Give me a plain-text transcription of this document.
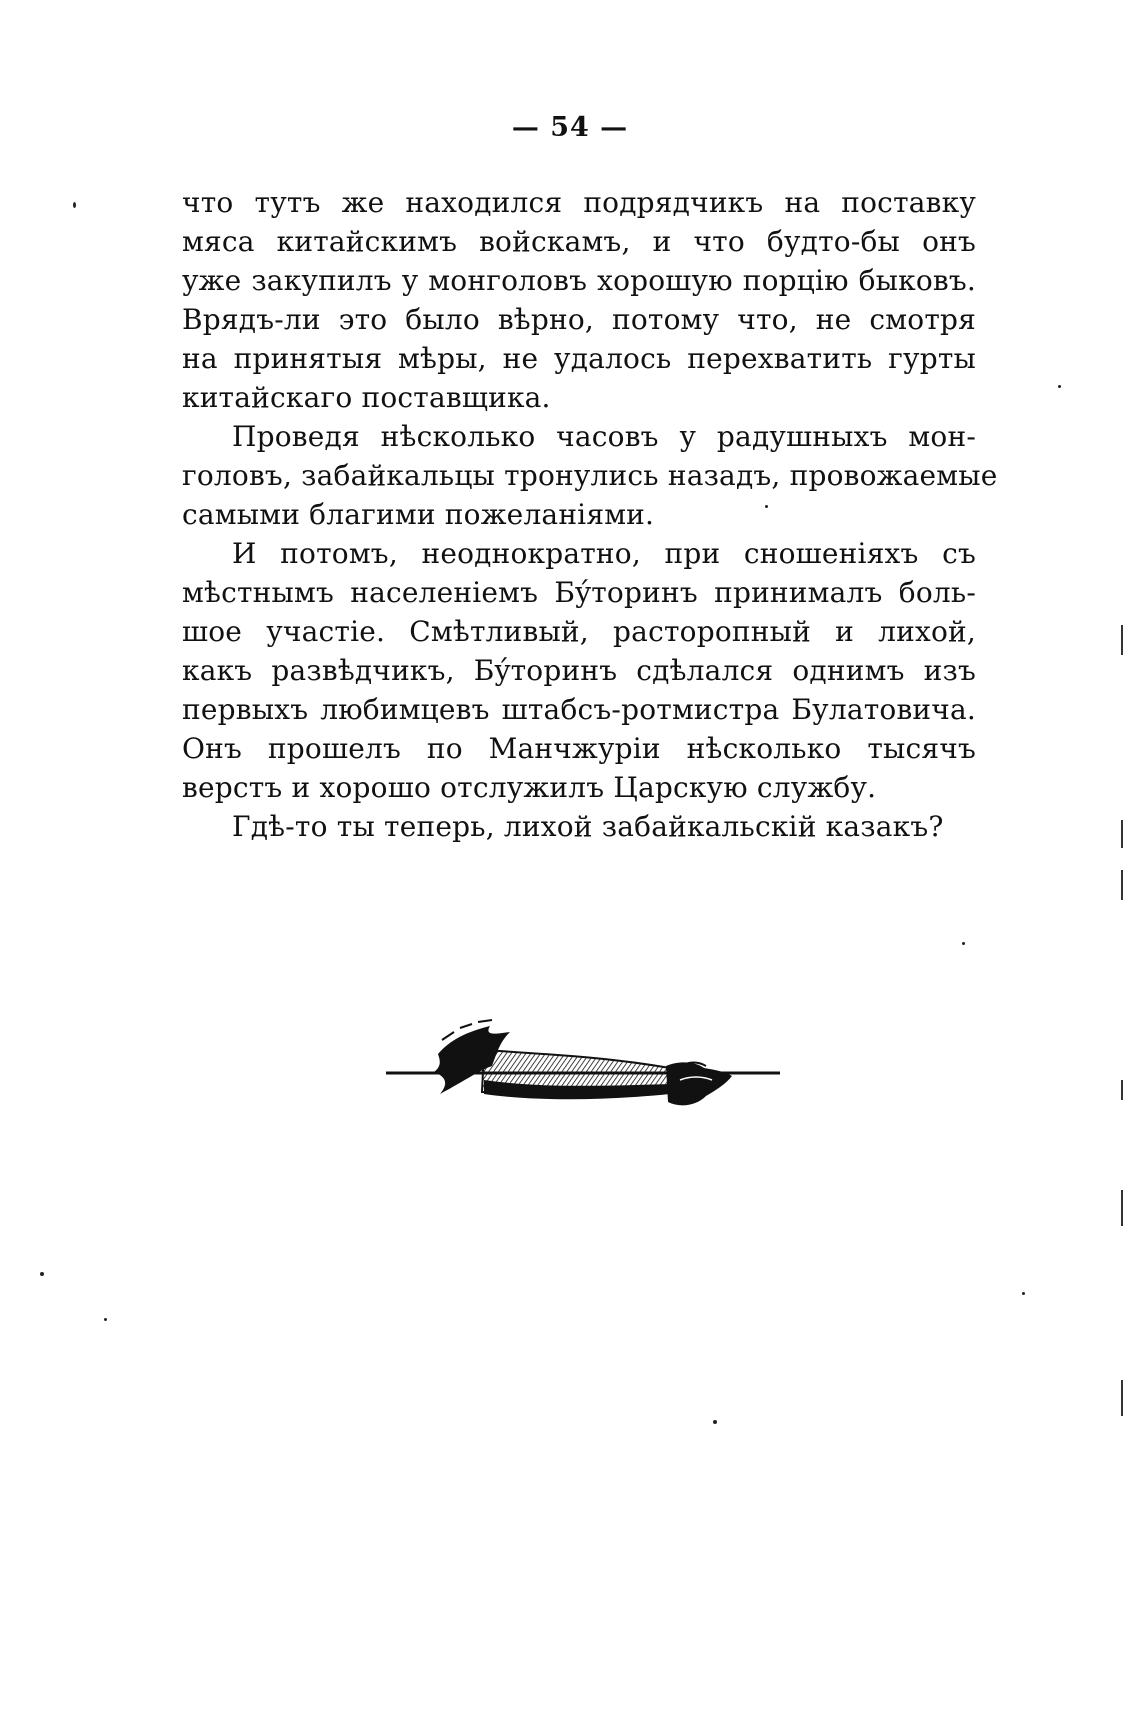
— 54 —
что тутъ же находился подрядчикъ на поставку
мяса китайскимъ войскамъ, и что будто-бы онъ
уже закупилъ у монголовъ хорошую порцію быковъ.
Врядъ-ли это было вѣрно, потому что, не смотря
на принятыя мѣры, не удалось перехватить гурты
китайскаго поставщика.
Проведя нѣсколько часовъ у радушныхъ мон-
головъ, забайкальцы тронулись назадъ, провожаемые
самыми благими пожеланіями.
И потомъ, неоднократно, при сношеніяхъ съ
мѣстнымъ населеніемъ Бýторинъ принималъ боль-
шое участіе. Смѣтливый, расторопный и лихой,
какъ развѣдчикъ, Бýторинъ сдѣлался однимъ изъ
первыхъ любимцевъ штабсъ-ротмистра Булатовича.
Онъ прошелъ по Манчжуріи нѣсколько тысячъ
верстъ и хорошо отслужилъ Царскую службу.
Гдѣ-то ты теперь, лихой забайкальскій казакъ?
